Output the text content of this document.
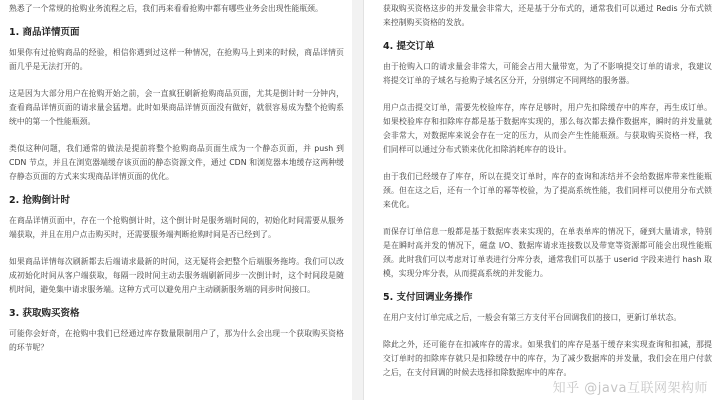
熟悉了一个常规的抢购业务流程之后，我们再来看看抢购中都有哪些业务会出现性能瓶颈。

1. 商品详情页面

如果你有过抢购商品的经验，相信你遇到过这样一种情况，在抢购马上到来的时候，商品详情页面几乎是无法打开的。

这是因为大部分用户在抢购开始之前，会一直疯狂刷新抢购商品页面，尤其是倒计时一分钟内，查看商品详情页面的请求量会猛增。此时如果商品详情页面没有做好，就很容易成为整个抢购系统中的第一个性能瓶颈。

类似这种问题，我们通常的做法是提前将整个抢购商品页面生成为一个静态页面，并 push 到 CDN 节点，并且在浏览器端缓存该页面的静态资源文件，通过 CDN 和浏览器本地缓存这两种缓存静态页面的方式来实现商品详情页面的优化。

2. 抢购倒计时

在商品详情页面中，存在一个抢购倒计时，这个倒计时是服务端时间的，初始化时间需要从服务端获取，并且在用户点击购买时，还需要服务端判断抢购时间是否已经到了。

如果商品详情每次刷新都去后端请求最新的时间，这无疑将会把整个后端服务拖垮。我们可以改成初始化时间从客户端获取，每隔一段时间主动去服务端刷新同步一次倒计时，这个时间段是随机时间，避免集中请求服务端。这种方式可以避免用户主动刷新服务端的同步时间接口。

3. 获取购买资格

可能你会好奇，在抢购中我们已经通过库存数量限制用户了，那为什么会出现一个获取购买资格的环节呢？

获取购买资格这步的并发量会非常大，还是基于分布式的，通常我们可以通过 Redis 分布式锁来控制购买资格的发放。

4. 提交订单

由于抢购入口的请求量会非常大，可能会占用大量带宽，为了不影响提交订单的请求，我建议将提交订单的子域名与抢购子域名区分开，分别绑定不同网络的服务器。

用户点击提交订单，需要先校验库存，库存足够时，用户先扣除缓存中的库存，再生成订单。如果校验库存和扣除库存都是基于数据库实现的，那么每次都去操作数据库，瞬时的并发量就会非常大，对数据库来说会存在一定的压力，从而会产生性能瓶颈。与获取购买资格一样，我们同样可以通过分布式锁来优化扣除消耗库存的设计。

由于我们已经缓存了库存，所以在提交订单时，库存的查询和冻结并不会给数据库带来性能瓶颈。但在这之后，还有一个订单的幂等校验，为了提高系统性能，我们同样可以使用分布式锁来优化。

而保存订单信息一般都是基于数据库表来实现的，在单表单库的情况下，碰到大量请求，特别是在瞬时高并发的情况下，磁盘 I/O、数据库请求连接数以及带宽等资源都可能会出现性能瓶颈。此时我们可以考虑对订单表进行分库分表，通常我们可以基于 userid 字段来进行 hash 取模，实现分库分表，从而提高系统的并发能力。

5. 支付回调业务操作

在用户支付订单完成之后，一般会有第三方支付平台回调我们的接口，更新订单状态。

除此之外，还可能存在扣减库存的需求。如果我们的库存是基于缓存来实现查询和扣减，那提交订单时的扣除库存就只是扣除缓存中的库存，为了减少数据库的并发量，我们会在用户付款之后，在支付回调的时候去选择扣除数据库中的库存。

知乎 @java互联网架构师
